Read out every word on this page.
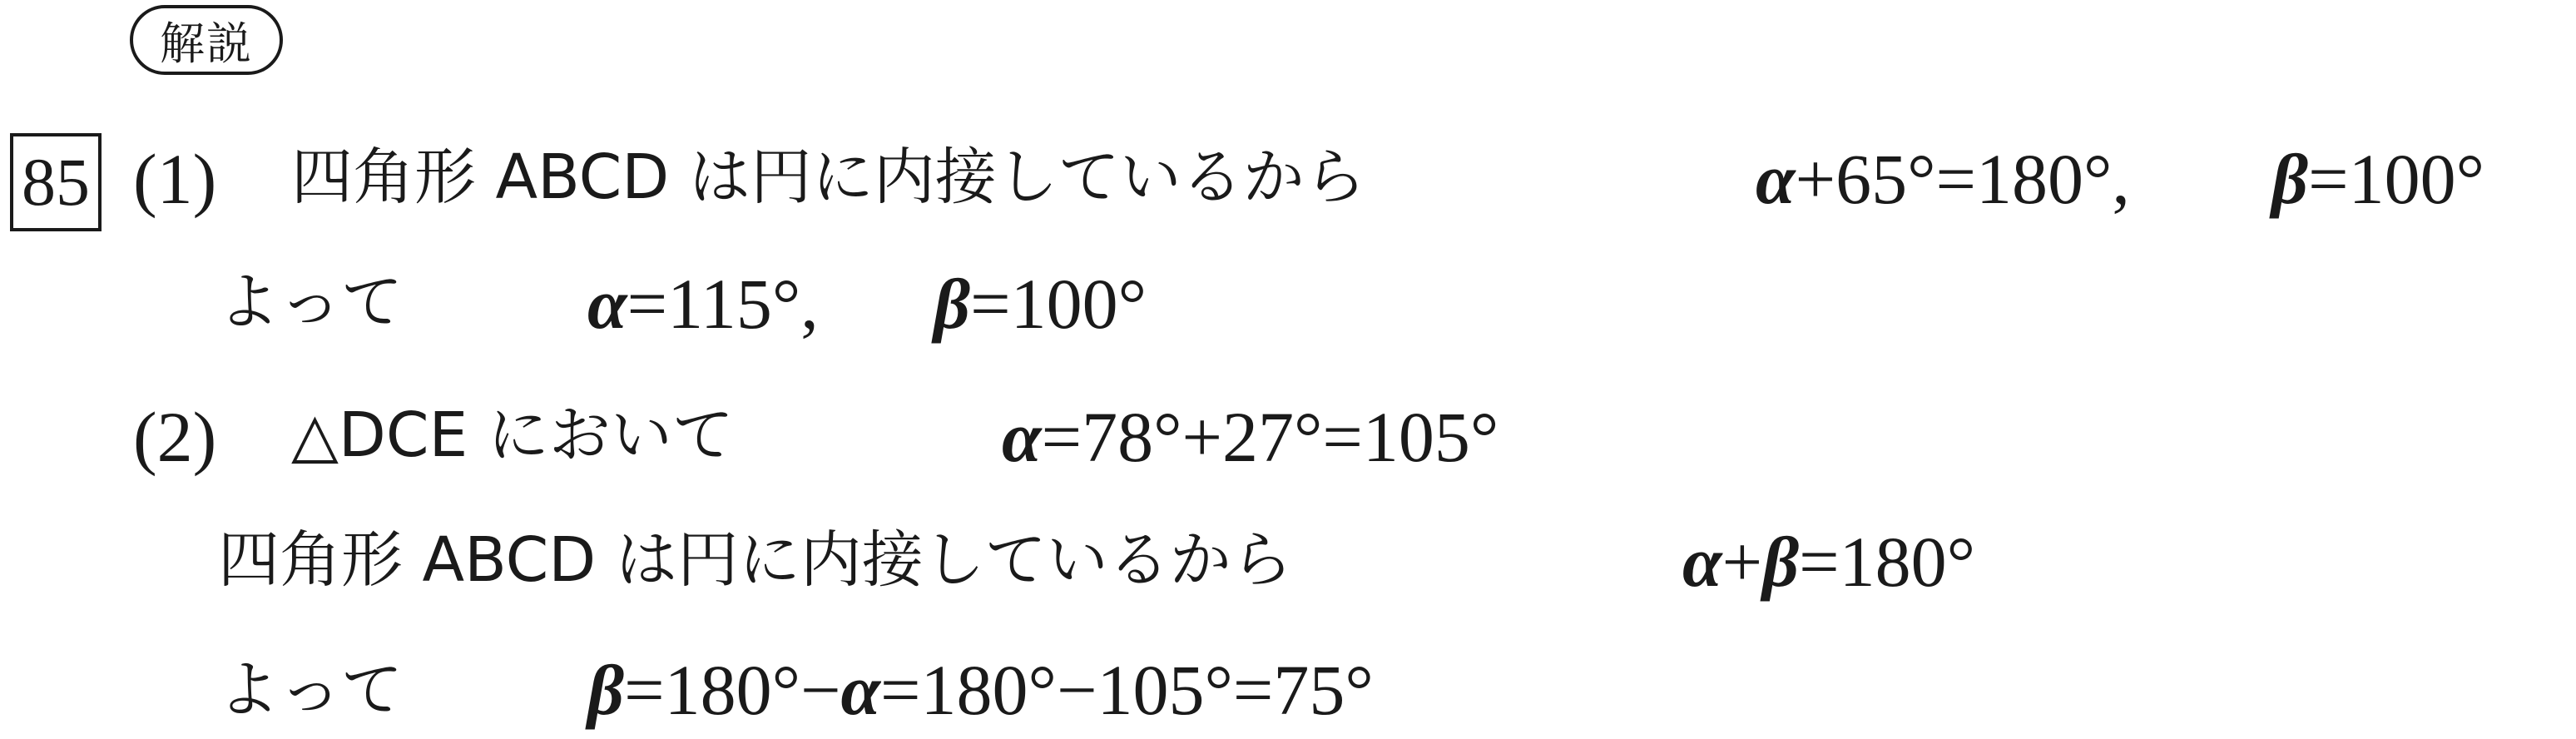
解説
85 (1) 四角形 ABCD は円に内接しているから	α+65°=180°, β=100°
よって	α=115°, β=100°
(2) △DCE において	α=78°+27°=105°
四角形 ABCD は円に内接しているから	α+β=180°
よって	β=180°−α=180°−105°=75°
